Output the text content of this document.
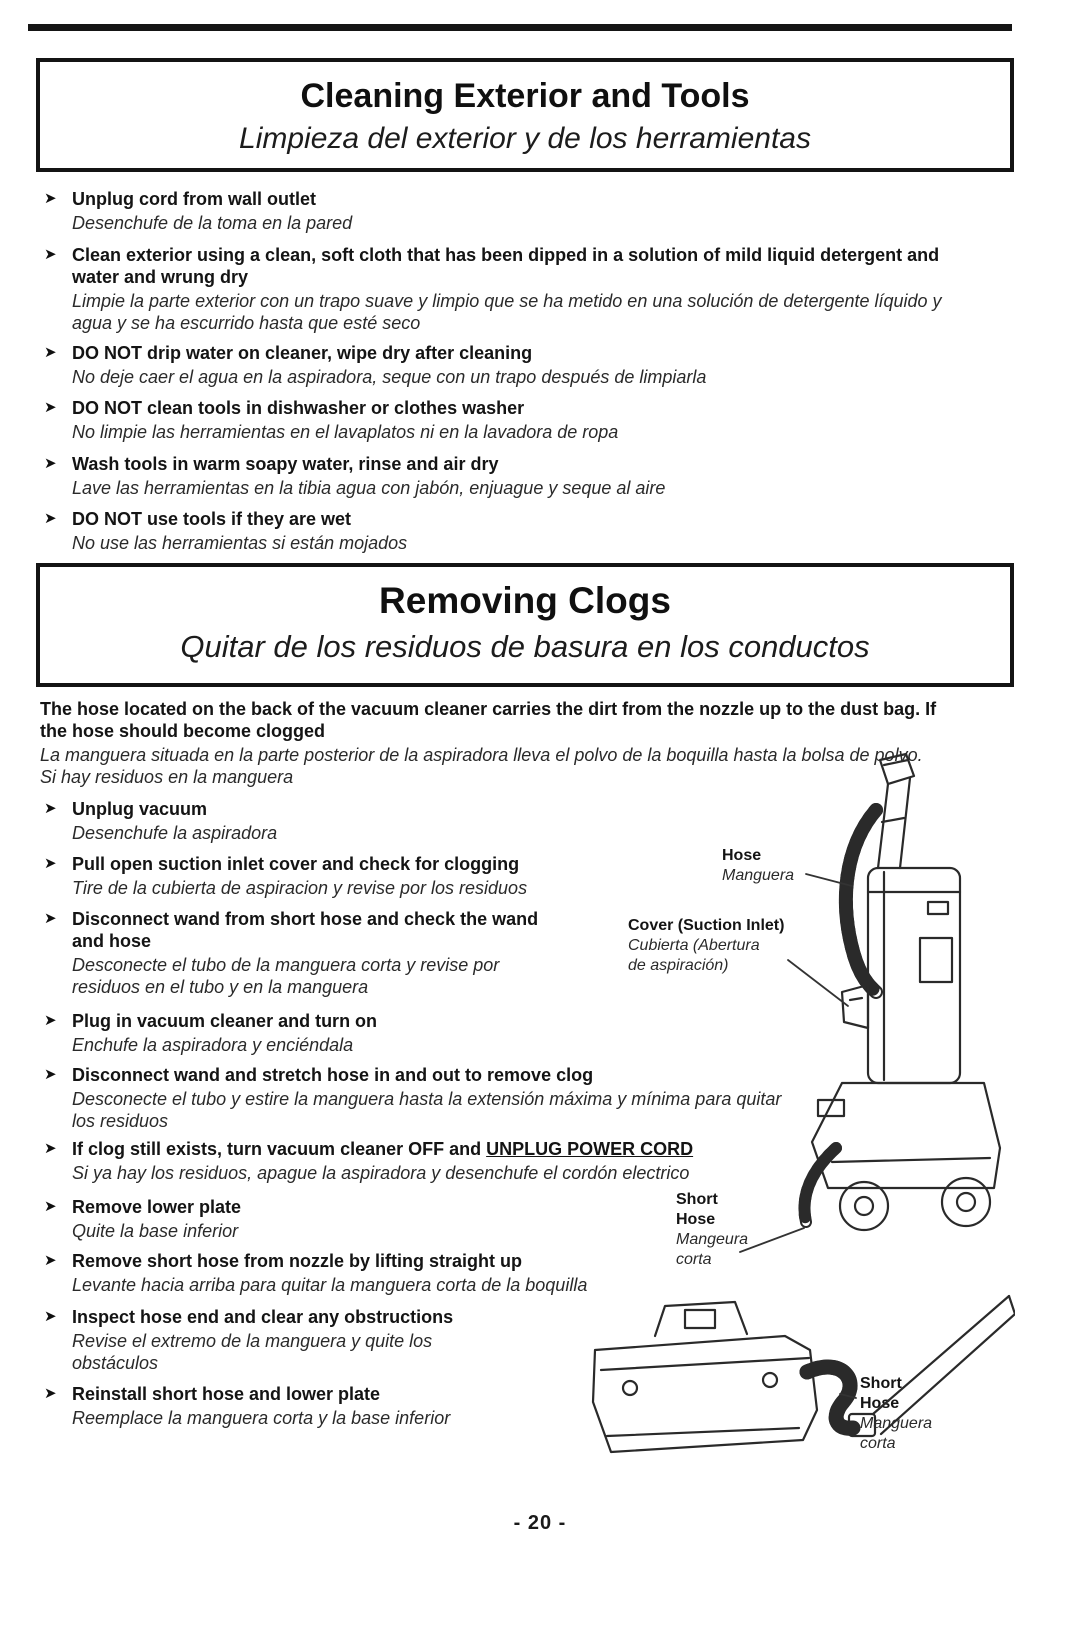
Cleaning Exterior and Tools
Limpieza del exterior y de los herramientas
➤ Unplug cord from wall outlet
Desenchufe de la toma en la pared
➤ Clean exterior using a clean, soft cloth that has been dipped in a solution of mild liquid detergent and water and wrung dry
Limpie la parte exterior con un trapo suave y limpio que se ha metido en una solución de detergente líquido y agua y se ha escurrido hasta que esté seco
➤ DO NOT drip water on cleaner, wipe dry after cleaning
No deje caer el agua en la aspiradora, seque con un trapo después de limpiarla
➤ DO NOT clean tools in dishwasher or clothes washer
No limpie las herramientas en el lavaplatos ni en la lavadora de ropa
➤ Wash tools in warm soapy water, rinse and air dry
Lave las herramientas en la tibia agua con jabón, enjuague y seque al aire
➤ DO NOT use tools if they are wet
No use las herramientas si están mojados
Removing Clogs
Quitar de los residuos de basura en los conductos
The hose located on the back of the vacuum cleaner carries the dirt from the nozzle up to the dust bag. If the hose should become clogged
La manguera situada en la parte posterior de la aspiradora lleva el polvo de la boquilla hasta la bolsa de polvo. Si hay residuos en la manguera
➤ Unplug vacuum
Desenchufe la aspiradora
➤ Pull open suction inlet cover and check for clogging
Tire de la cubierta de aspiracion y revise por los residuos
➤ Disconnect wand from short hose and check the wand and hose
Desconecte el tubo de la manguera corta y revise por residuos en el tubo y en la manguera
➤ Plug in vacuum cleaner and turn on
Enchufe la aspiradora y enciéndala
➤ Disconnect wand and stretch hose in and out to remove clog
Desconecte el tubo y estire la manguera hasta la extensión máxima y mínima para quitar los residuos
➤ If clog still exists, turn vacuum cleaner OFF and UNPLUG POWER CORD
Si ya hay los residuos, apague la aspiradora y desenchufe el cordón electrico
➤ Remove lower plate
Quite la base inferior
➤ Remove short hose from nozzle by lifting straight up
Levante hacia arriba para quitar la manguera corta de la boquilla
➤ Inspect hose end and clear any obstructions
Revise el extremo de la manguera y quite los obstáculos
➤ Reinstall short hose and lower plate
Reemplace la manguera corta y la base inferior
Hose
Manguera
Cover (Suction Inlet)
Cubierta (Abertura
de aspiración)
Short
Hose
Mangeura
corta
Short
Hose
Manguera
corta
- 20 -
